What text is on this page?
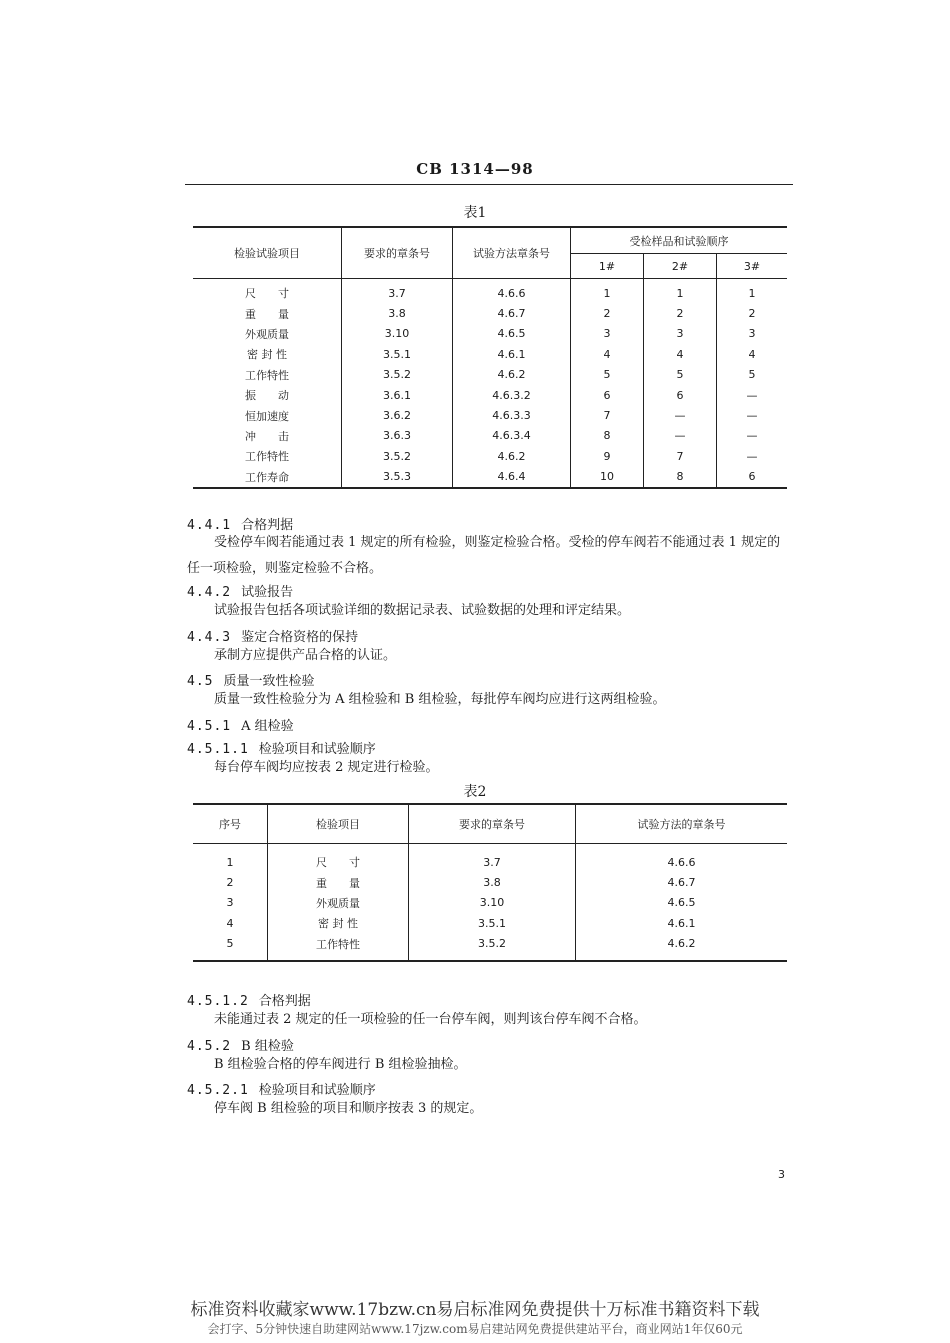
CB 1314—98
表1
检验试验项目	要求的章条号	试验方法章条号	受检样品和试验顺序		
			1#	2#	3#
尺　　寸	3.7	4.6.6	1	1	1
重　　量	3.8	4.6.7	2	2	2
外观质量	3.10	4.6.5	3	3	3
密 封 性	3.5.1	4.6.1	4	4	4
工作特性	3.5.2	4.6.2	5	5	5
振　　动	3.6.1	4.6.3.2	6	6	—
恒加速度	3.6.2	4.6.3.3	7	—	—
冲　　击	3.6.3	4.6.3.4	8	—	—
工作特性	3.5.2	4.6.2	9	7	—
工作寿命	3.5.3	4.6.4	10	8	6
4.4.1 合格判据
受检停车阀若能通过表 1 规定的所有检验，则鉴定检验合格。受检的停车阀若不能通过表 1 规定的
任一项检验，则鉴定检验不合格。
4.4.2 试验报告
试验报告包括各项试验详细的数据记录表、试验数据的处理和评定结果。
4.4.3 鉴定合格资格的保持
承制方应提供产品合格的认证。
4.5 质量一致性检验
质量一致性检验分为 A 组检验和 B 组检验，每批停车阀均应进行这两组检验。
4.5.1 A 组检验
4.5.1.1 检验项目和试验顺序
每台停车阀均应按表 2 规定进行检验。
表2
序号	检验项目	要求的章条号	试验方法的章条号
1	尺　　寸	3.7	4.6.6
2	重　　量	3.8	4.6.7
3	外观质量	3.10	4.6.5
4	密 封 性	3.5.1	4.6.1
5	工作特性	3.5.2	4.6.2
4.5.1.2 合格判据
未能通过表 2 规定的任一项检验的任一台停车阀，则判该台停车阀不合格。
4.5.2 B 组检验
B 组检验合格的停车阀进行 B 组检验抽检。
4.5.2.1 检验项目和试验顺序
停车阀 B 组检验的项目和顺序按表 3 的规定。
3
标准资料收藏家www.17bzw.cn易启标准网免费提供十万标准书籍资料下载
会打字、5分钟快速自助建网站www.17jzw.com易启建站网免费提供建站平台，商业网站1年仅60元
